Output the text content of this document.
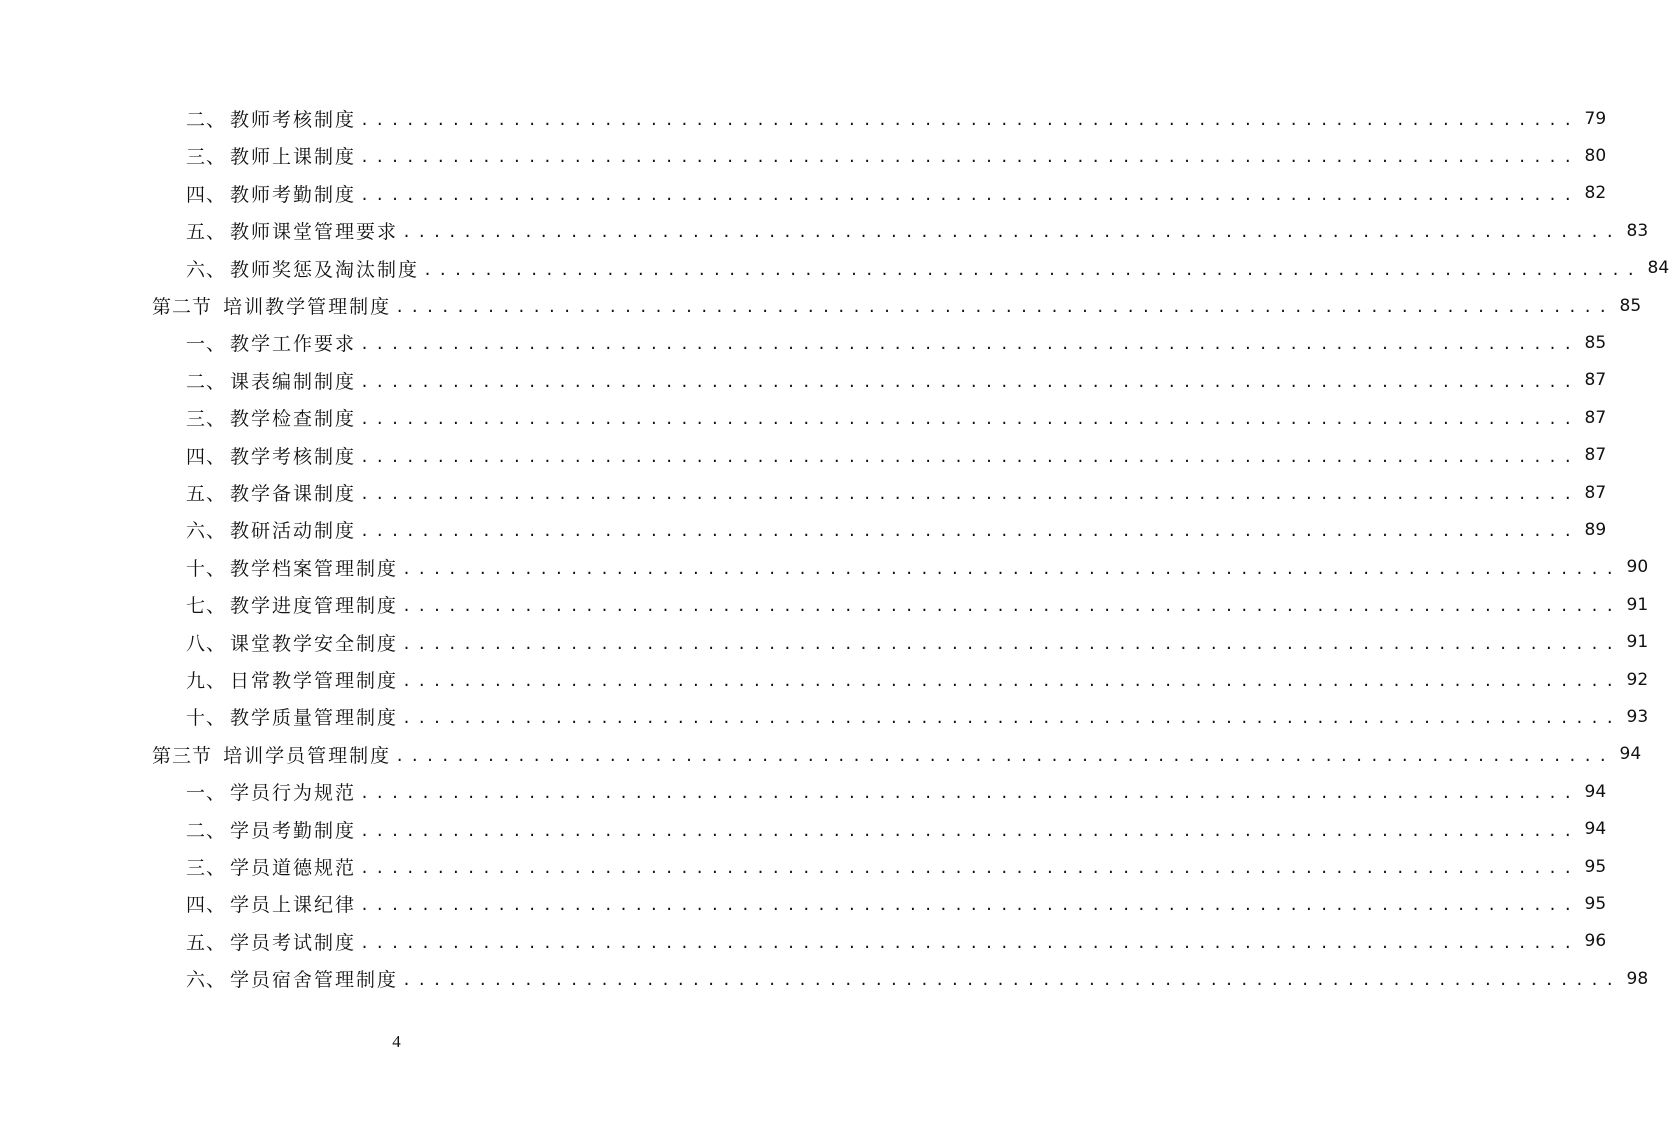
二 、 教师考核制度 ................................................................................ 79
三 、 教师上课制度 ................................................................................ 80
四 、 教师考勤制度 ................................................................................ 82
五 、 教师课堂管理要求 ................................................................................ 83
六 、 教师奖惩及淘汰制度 ................................................................................ 84
第二节
培训教学管理制度 ................................................................................ 85
一 、 教学工作要求 ................................................................................ 85
二 、 课表编制制度 ................................................................................ 87
三 、 教学检查制度 ................................................................................ 87
四 、 教学考核制度 ................................................................................ 87
五 、 教学备课制度 ................................................................................ 87
六 、 教研活动制度 ................................................................................ 89
十 、 教学档案管理制度 ................................................................................ 90
七 、 教学进度管理制度 ................................................................................ 91
八 、 课堂教学安全制度 ................................................................................ 91
九 、 日常教学管理制度 ................................................................................ 92
十 、 教学质量管理制度 ................................................................................ 93
第三节
培训学员管理制度 ................................................................................ 94
一 、 学员行为规范 ................................................................................ 94
二 、 学员考勤制度 ................................................................................ 94
三 、 学员道德规范 ................................................................................ 95
四 、 学员上课纪律 ................................................................................ 95
五 、 学员考试制度 ................................................................................ 96
六 、 学员宿舍管理制度 ................................................................................ 98
4
